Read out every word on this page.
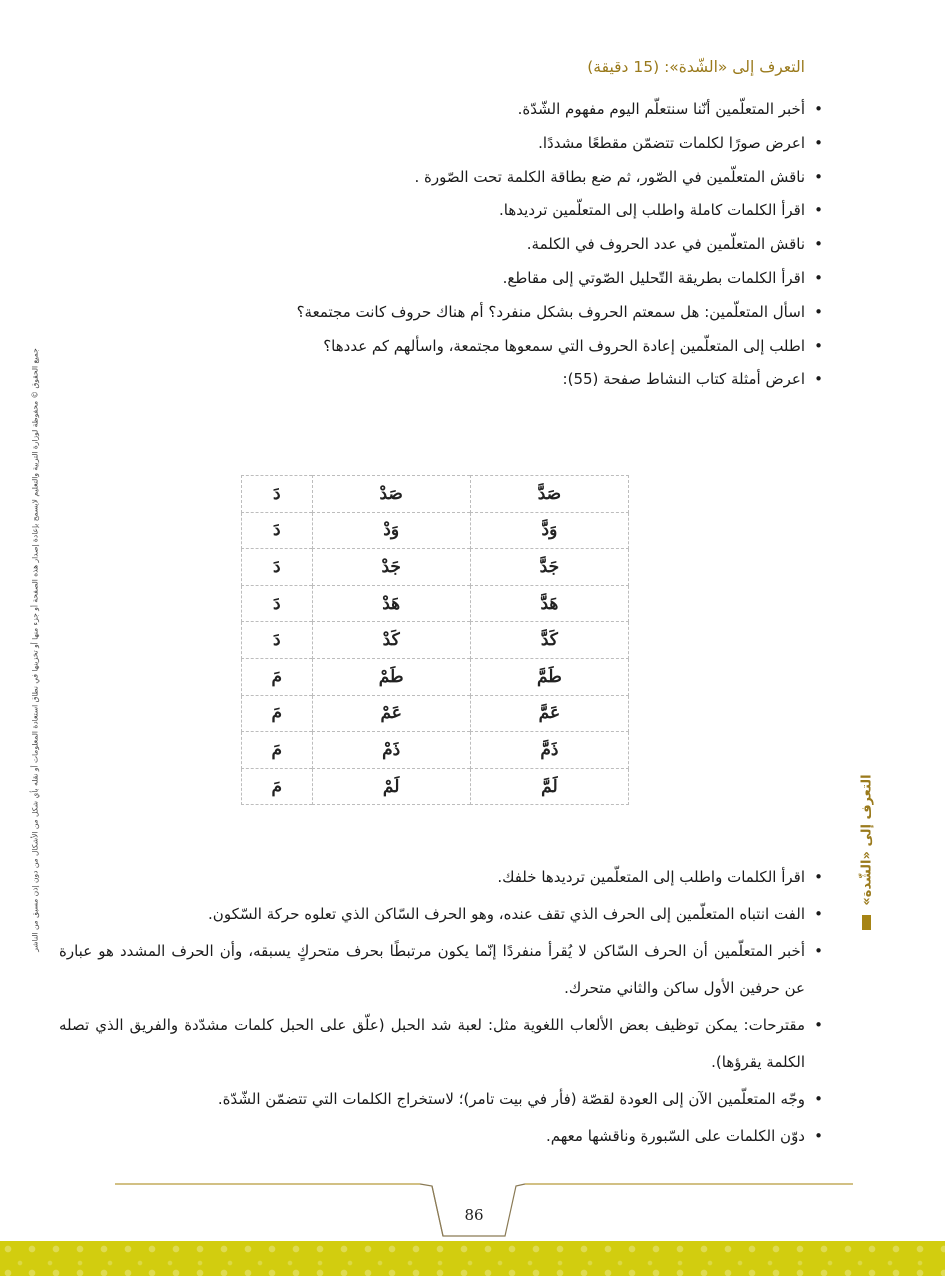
التعرف إلى «الشّدة»: (15 دقيقة)
• أخبر المتعلّمين أنّنا سنتعلّم اليوم مفهوم الشّدّة.
• اعرض صورًا لكلمات تتضمّن مقطعًا مشددًا.
• ناقش المتعلّمين في الصّور، ثم ضع بطاقة الكلمة تحت الصّورة .
• اقرأ الكلمات كاملة واطلب إلى المتعلّمين ترديدها.
• ناقش المتعلّمين في عدد الحروف في الكلمة.
• اقرأ الكلمات بطريقة التّحليل الصّوتي إلى مقاطع.
• اسأل المتعلّمين: هل سمعتم الحروف بشكل منفرد؟ أم هناك حروف كانت مجتمعة؟
• اطلب إلى المتعلّمين إعادة الحروف التي سمعوها مجتمعة، واسألهم كم عددها؟
• اعرض أمثلة كتاب النشاط صفحة (55):
صَدَّ	صَدْ	دَ
وَدَّ	وَدْ	دَ
جَدَّ	جَدْ	دَ
هَدَّ	هَدْ	دَ
كَدَّ	كَدْ	دَ
طَمَّ	طَمْ	مَ
عَمَّ	عَمْ	مَ
ذَمَّ	ذَمْ	مَ
لَمَّ	لَمْ	مَ
• اقرأ الكلمات واطلب إلى المتعلّمين ترديدها خلفك.
• الفت انتباه المتعلّمين إلى الحرف الذي تقف عنده، وهو الحرف السّاكن الذي تعلوه حركة السّكون.
• أخبر المتعلّمين أن الحرف السّاكن لا يُقرأ منفردًا إنّما يكون مرتبطًا بحرف متحركٍ يسبقه، وأن الحرف المشدد هو عبارة عن حرفين الأول ساكن والثاني متحرك.
• مقترحات: يمكن توظيف بعض الألعاب اللغوية مثل: لعبة شد الحبل (علّق على الحبل كلمات مشدّدة والفريق الذي تصله الكلمة يقرؤها).
• وجّه المتعلّمين الآن إلى العودة لقصّة (فأر في بيت تامر)؛ لاستخراج الكلمات التي تتضمّن الشّدّة.
• دوّن الكلمات على السّبورة وناقشها معهم.
التعرف إلى «الشّدة»
جميع الحقوق © محفوظة لوزارة التربية والتعليم لايسمح بإعادة إصدار هذه الصفحة أو جزء منها أو تخزينها في نطاق استعادة المعلومات أو نقله بأي شكل من الأشكال من دون إذن مسبق من الناشر
86
